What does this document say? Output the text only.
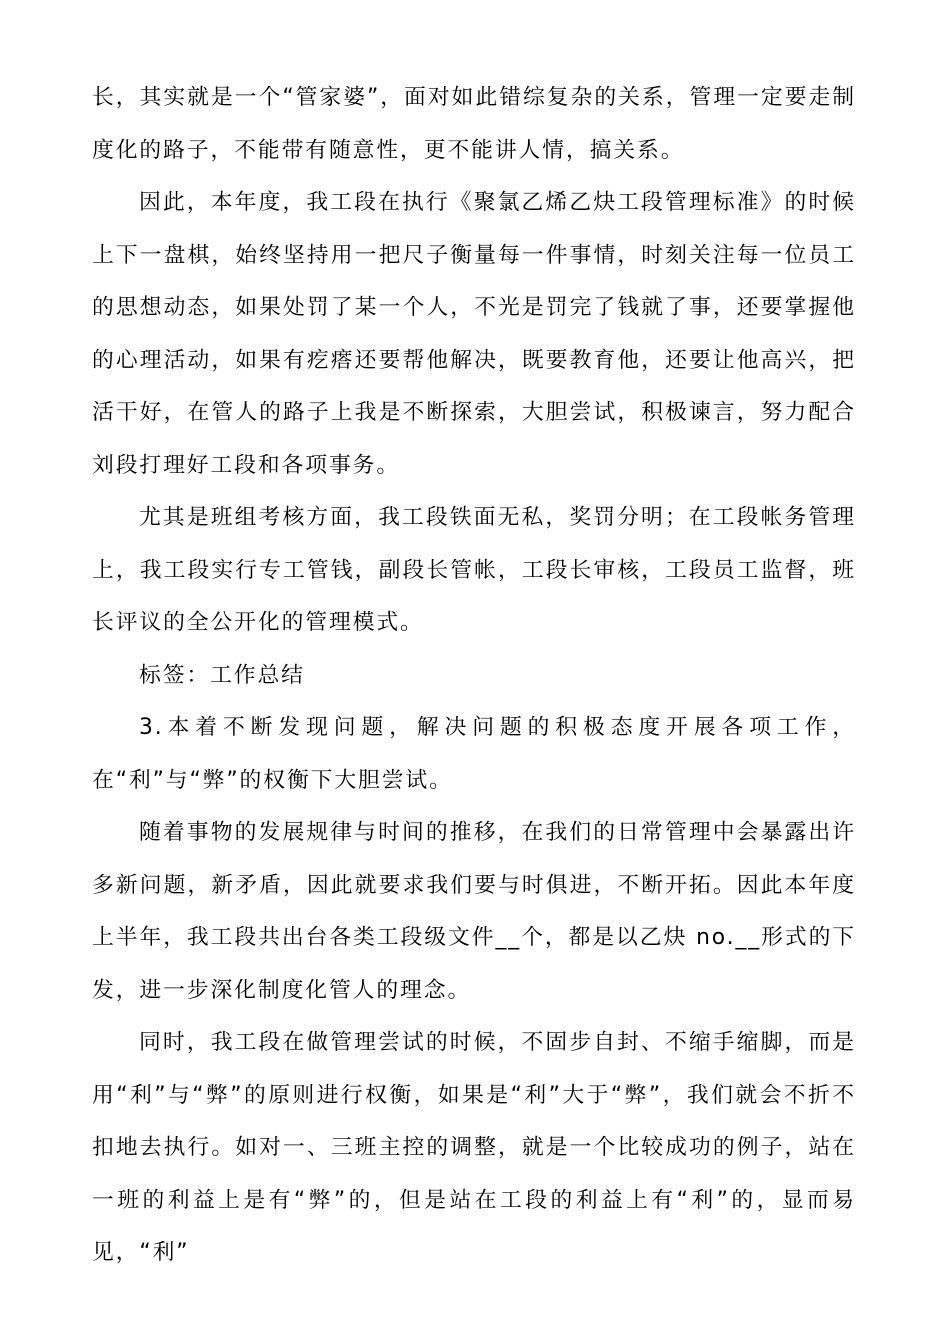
长，其实就是一个“管家婆”，面对如此错综复杂的关系，管理一定要走制度化的路子，不能带有随意性，更不能讲人情，搞关系。

因此，本年度，我工段在执行《聚氯乙烯乙炔工段管理标准》的时候上下一盘棋，始终坚持用一把尺子衡量每一件事情，时刻关注每一位员工的思想动态，如果处罚了某一个人，不光是罚完了钱就了事，还要掌握他的心理活动，如果有疙瘩还要帮他解决，既要教育他，还要让他高兴，把活干好，在管人的路子上我是不断探索，大胆尝试，积极谏言，努力配合刘段打理好工段和各项事务。

尤其是班组考核方面，我工段铁面无私，奖罚分明；在工段帐务管理上，我工段实行专工管钱，副段长管帐，工段长审核，工段员工监督，班长评议的全公开化的管理模式。

标签：工作总结

3.本着不断发现问题，解决问题的积极态度开展各项工作，在“利”与“弊”的权衡下大胆尝试。

随着事物的发展规律与时间的推移，在我们的日常管理中会暴露出许多新问题，新矛盾，因此就要求我们要与时俱进，不断开拓。因此本年度上半年，我工段共出台各类工段级文件__个，都是以乙炔 no.__形式的下发，进一步深化制度化管人的理念。

同时，我工段在做管理尝试的时候，不固步自封、不缩手缩脚，而是用“利”与“弊”的原则进行权衡，如果是“利”大于“弊”，我们就会不折不扣地去执行。如对一、三班主控的调整，就是一个比较成功的例子，站在一班的利益上是有“弊”的，但是站在工段的利益上有“利”的，显而易见，“利”
